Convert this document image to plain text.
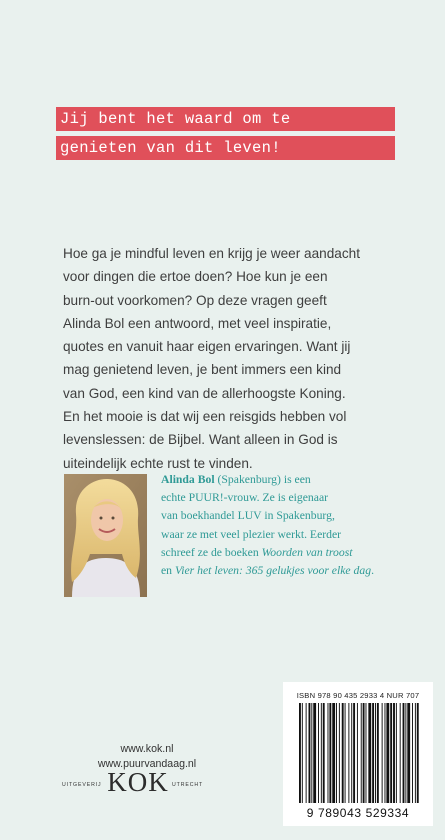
Jij bent het waard om te
genieten van dit leven!
Hoe ga je mindful leven en krijg je weer aandacht
voor dingen die ertoe doen? Hoe kun je een
burn-out voorkomen? Op deze vragen geeft
Alinda Bol een antwoord, met veel inspiratie,
quotes en vanuit haar eigen ervaringen. Want jij
mag genietend leven, je bent immers een kind
van God, een kind van de allerhoogste Koning.
En het mooie is dat wij een reisgids hebben vol
levenslessen: de Bijbel. Want alleen in God is
uiteindelijk echte rust te vinden.
Alinda Bol (Spakenburg) is een
echte PUUR!-vrouw. Ze is eigenaar
van boekhandel LUV in Spakenburg,
waar ze met veel plezier werkt. Eerder
schreef ze de boeken Woorden van troost
en Vier het leven: 365 gelukjes voor elke dag.
www.kok.nl
www.puurvandaag.nl
UITGEVERIJ KOK UTRECHT
ISBN 978 90 435 2933 4 NUR 707
9 789043 529334
